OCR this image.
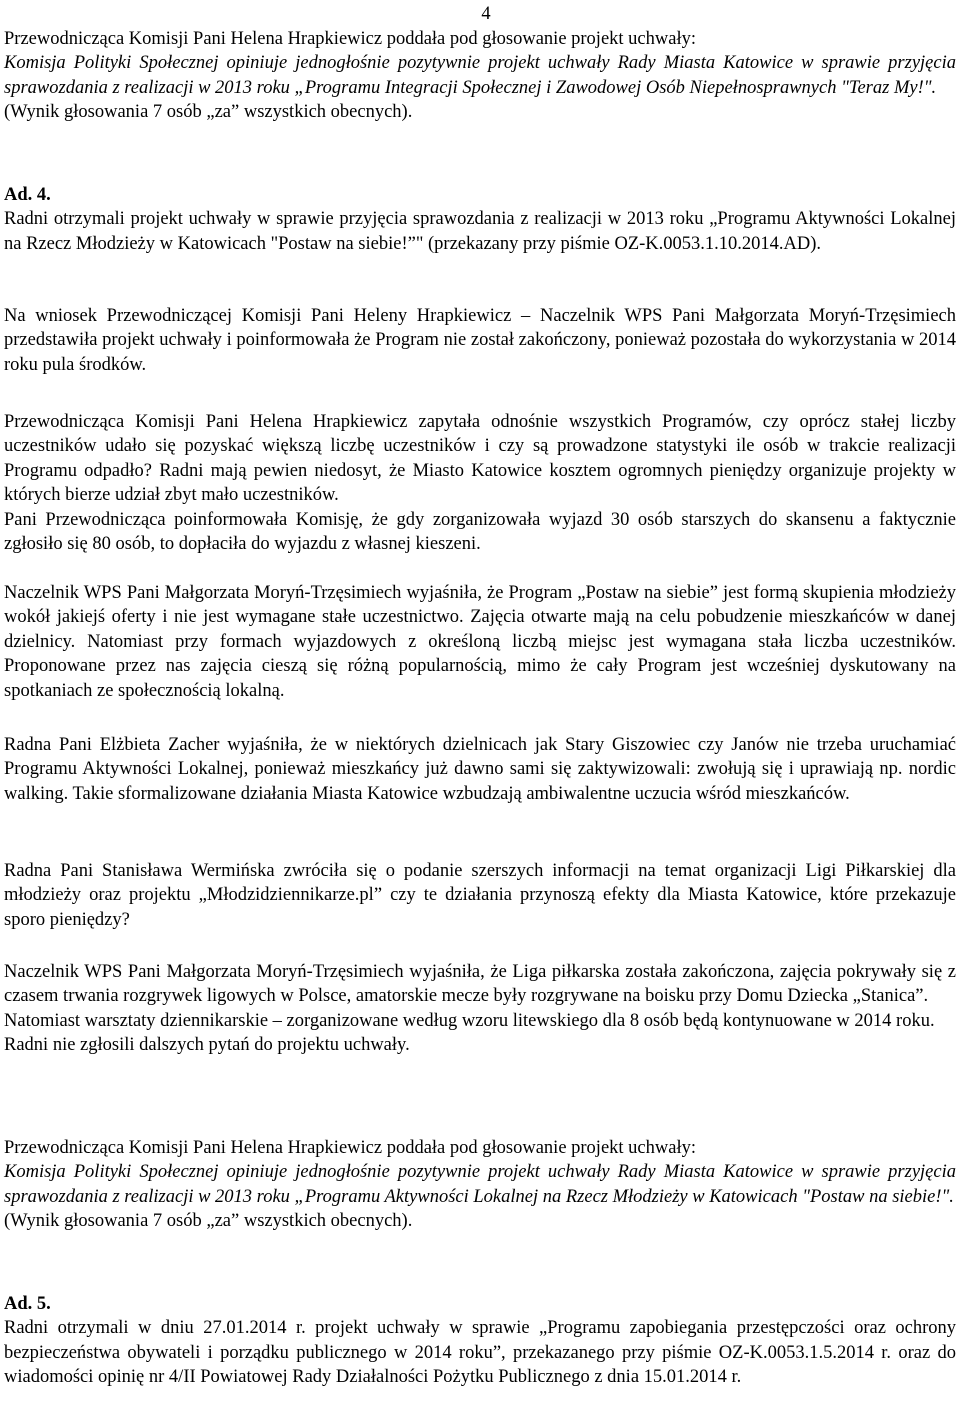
4

Przewodnicząca Komisji Pani Helena Hrapkiewicz poddała pod głosowanie projekt uchwały:

Komisja Polityki Społecznej opiniuje jednogłośnie pozytywnie projekt uchwały Rady Miasta Katowice w sprawie przyjęcia sprawozdania z realizacji w 2013 roku „Programu Integracji Społecznej i Zawodowej Osób Niepełnosprawnych "Teraz My!".

(Wynik głosowania 7 osób „za” wszystkich obecnych).

Ad. 4.

Radni otrzymali projekt uchwały w sprawie przyjęcia sprawozdania z realizacji w 2013 roku „Programu Aktywności Lokalnej na Rzecz Młodzieży w Katowicach "Postaw na siebie!”" (przekazany przy piśmie OZ-K.0053.1.10.2014.AD).

Na wniosek Przewodniczącej Komisji Pani Heleny Hrapkiewicz – Naczelnik WPS Pani Małgorzata Moryń-Trzęsimiech przedstawiła projekt uchwały i poinformowała że Program nie został zakończony, ponieważ pozostała do wykorzystania w 2014 roku pula środków.

Przewodnicząca Komisji Pani Helena Hrapkiewicz zapytała odnośnie wszystkich Programów, czy oprócz stałej liczby uczestników udało się pozyskać większą liczbę uczestników i czy są prowadzone statystyki ile osób w trakcie realizacji Programu odpadło? Radni mają pewien niedosyt, że Miasto Katowice kosztem ogromnych pieniędzy organizuje projekty w których bierze udział zbyt mało uczestników.

Pani Przewodnicząca poinformowała Komisję, że gdy zorganizowała wyjazd 30 osób starszych do skansenu a faktycznie zgłosiło się 80 osób, to dopłaciła do wyjazdu z własnej kieszeni.

Naczelnik WPS Pani Małgorzata Moryń-Trzęsimiech wyjaśniła, że Program „Postaw na siebie” jest formą skupienia młodzieży wokół jakiejś oferty i nie jest wymagane stałe uczestnictwo. Zajęcia otwarte mają na celu pobudzenie mieszkańców w danej dzielnicy. Natomiast przy formach wyjazdowych z określoną liczbą miejsc jest wymagana stała liczba uczestników. Proponowane przez nas zajęcia cieszą się różną popularnością, mimo że cały Program jest wcześniej dyskutowany na spotkaniach ze społecznością lokalną.

Radna Pani Elżbieta Zacher wyjaśniła, że w niektórych dzielnicach jak Stary Giszowiec czy Janów nie trzeba uruchamiać Programu Aktywności Lokalnej, ponieważ mieszkańcy już dawno sami się zaktywizowali: zwołują się i uprawiają np. nordic walking. Takie sformalizowane działania Miasta Katowice wzbudzają ambiwalentne uczucia wśród mieszkańców.

Radna Pani Stanisława Wermińska zwróciła się o podanie szerszych informacji na temat organizacji Ligi Piłkarskiej dla młodzieży oraz projektu „Młodzidziennikarze.pl” czy te działania przynoszą efekty dla Miasta Katowice, które przekazuje sporo pieniędzy?

Naczelnik WPS Pani Małgorzata Moryń-Trzęsimiech wyjaśniła, że Liga piłkarska została zakończona, zajęcia pokrywały się z czasem trwania rozgrywek ligowych w Polsce, amatorskie mecze były rozgrywane na boisku przy Domu Dziecka „Stanica”.

Natomiast warsztaty dziennikarskie – zorganizowane według wzoru litewskiego dla 8 osób będą kontynuowane w 2014 roku.

Radni nie zgłosili dalszych pytań do projektu uchwały.

Przewodnicząca Komisji Pani Helena Hrapkiewicz poddała pod głosowanie projekt uchwały:

Komisja Polityki Społecznej opiniuje jednogłośnie pozytywnie projekt uchwały Rady Miasta Katowice w sprawie przyjęcia sprawozdania z realizacji w 2013 roku „Programu Aktywności Lokalnej na Rzecz Młodzieży w Katowicach "Postaw na siebie!".

(Wynik głosowania 7 osób „za” wszystkich obecnych).

Ad. 5.

Radni otrzymali w dniu 27.01.2014 r. projekt uchwały w sprawie „Programu zapobiegania przestępczości oraz ochrony bezpieczeństwa obywateli i porządku publicznego w 2014 roku”, przekazanego przy piśmie OZ-K.0053.1.5.2014 r. oraz do wiadomości opinię nr 4/II Powiatowej Rady Działalności Pożytku Publicznego z dnia 15.01.2014 r.
